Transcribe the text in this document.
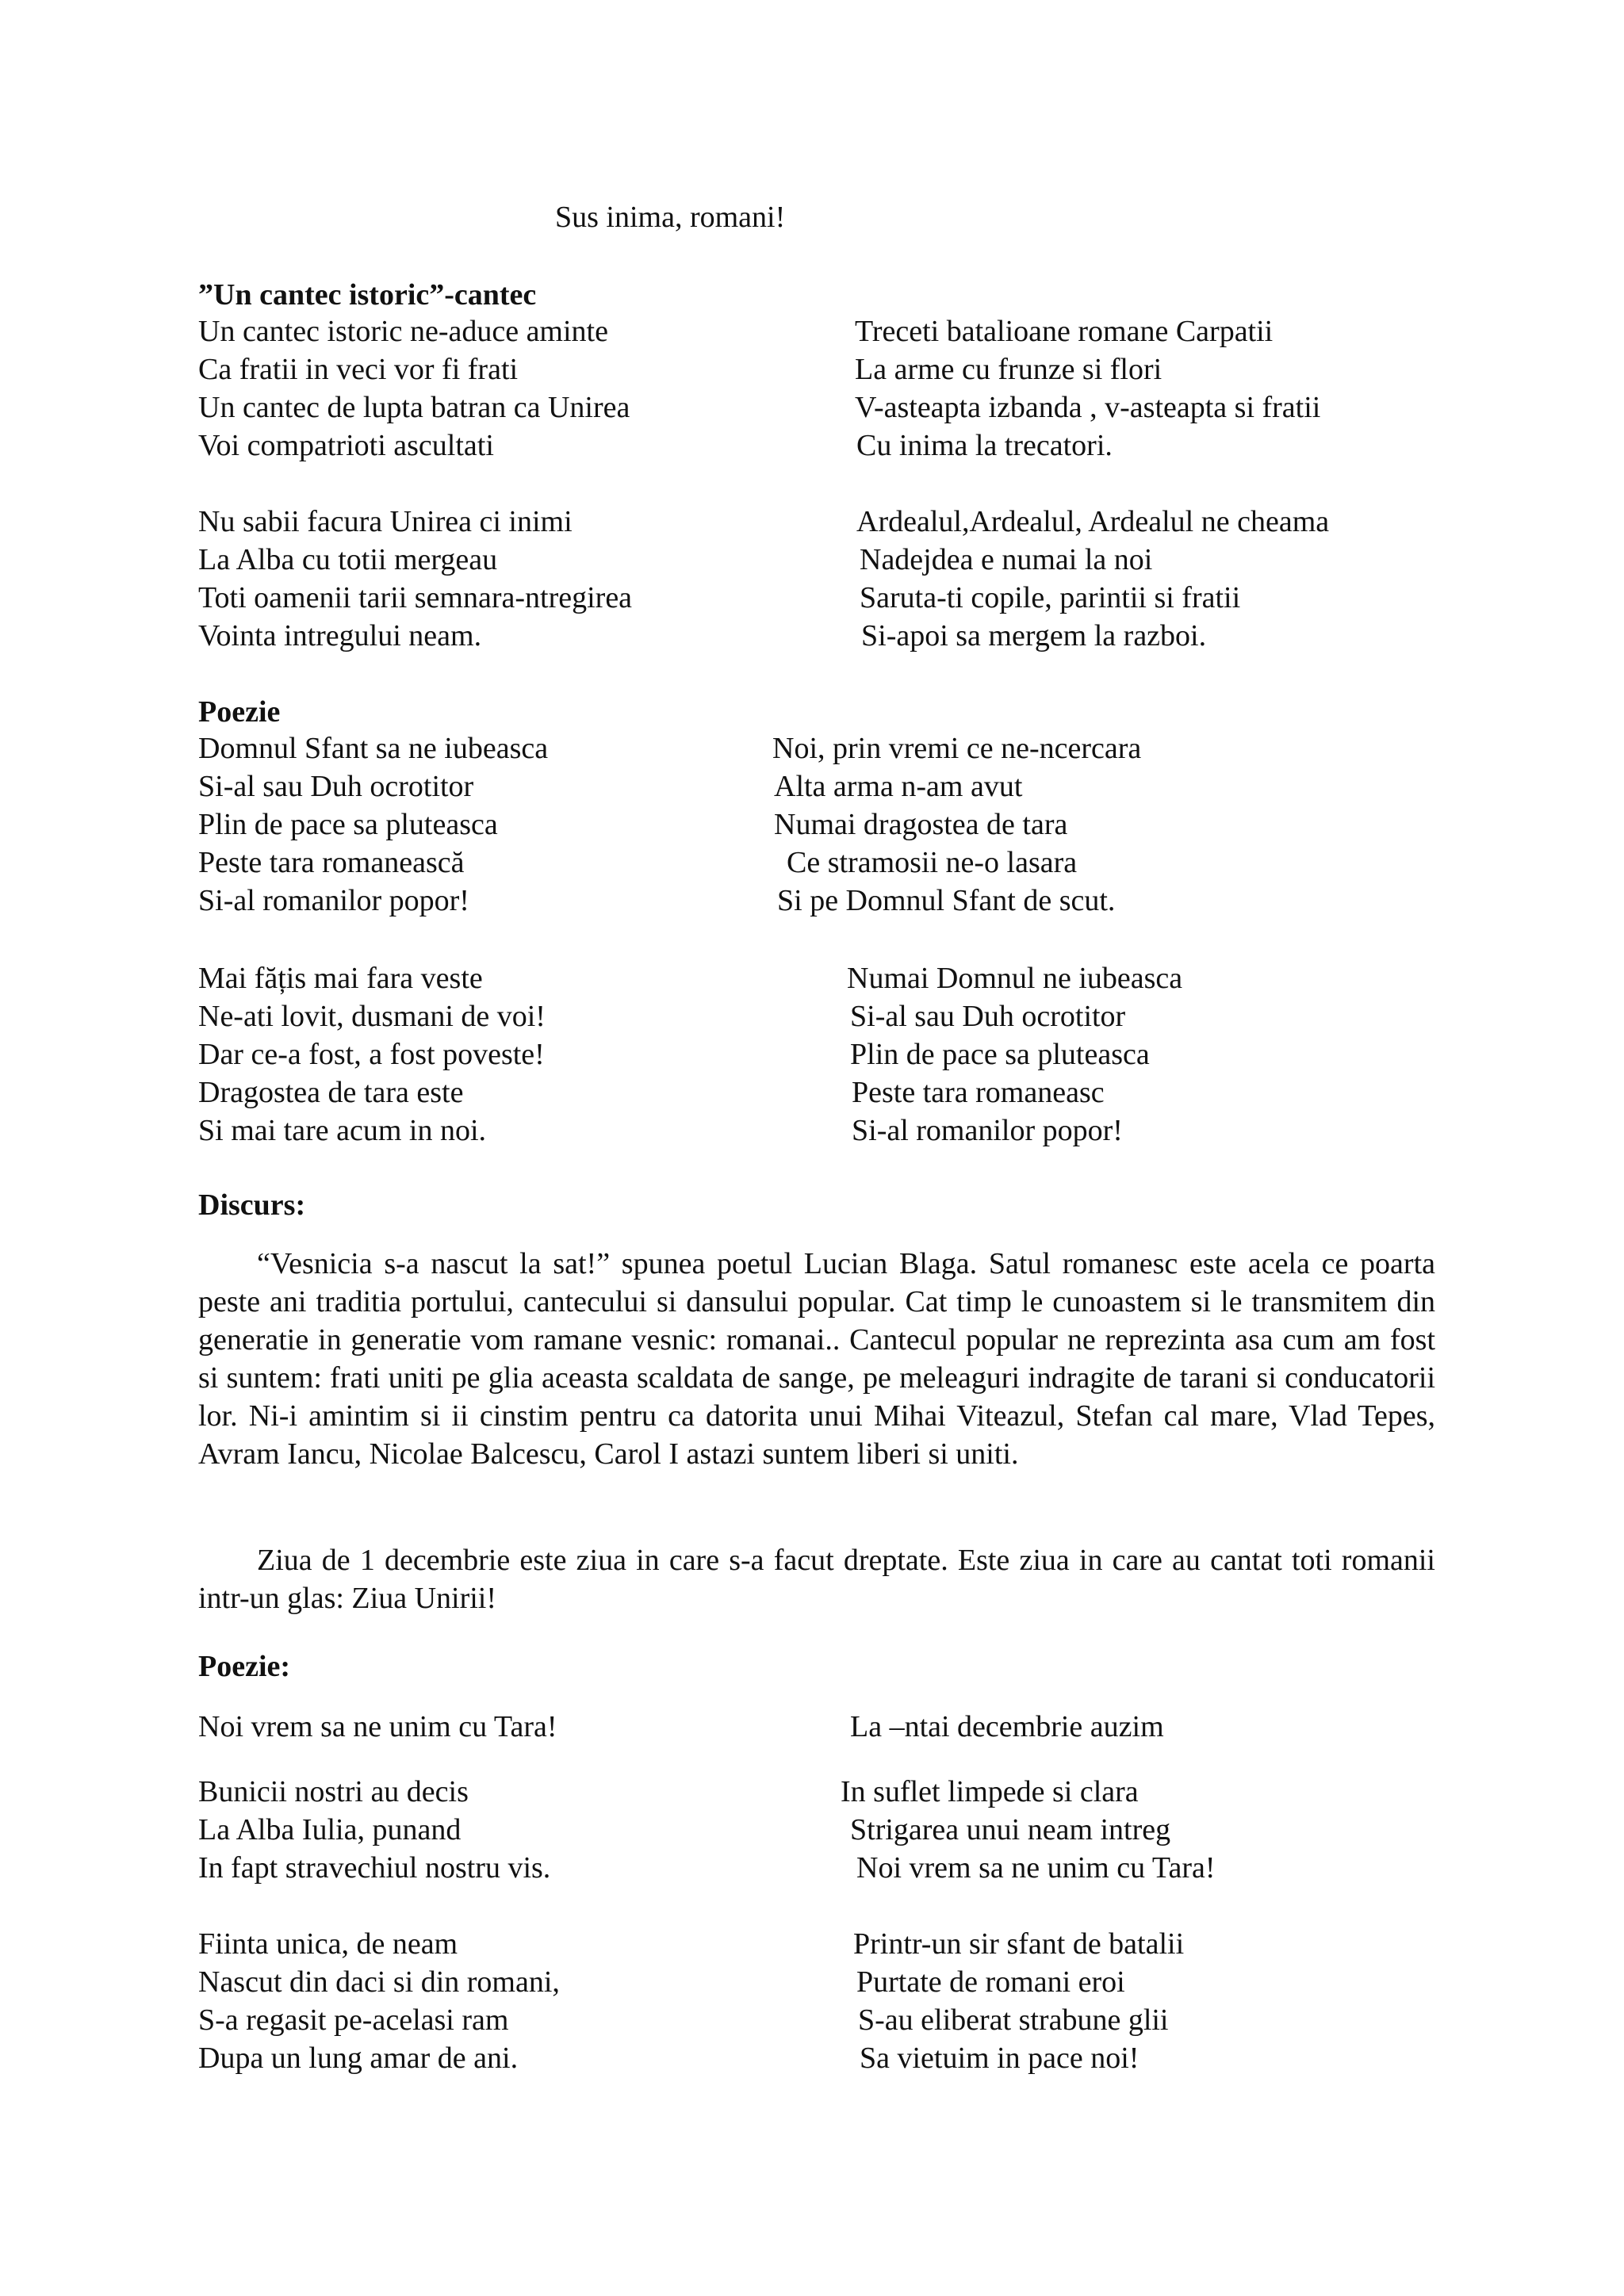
Sus inima, romani!
”Un cantec istoric”-cantec
Un cantec istoric ne-aduce aminte
Ca fratii in veci vor fi frati
Un cantec de lupta batran ca Unirea
Voi compatrioti ascultati
Treceti batalioane romane Carpatii
La arme cu frunze si flori
V-asteapta izbanda , v-asteapta si fratii
Cu inima la trecatori.
Nu sabii facura Unirea ci inimi
La Alba cu totii mergeau
Toti oamenii tarii semnara-ntregirea
Vointa intregului neam.
Ardealul,Ardealul, Ardealul ne cheama
Nadejdea e numai la noi
Saruta-ti copile, parintii si fratii
Si-apoi sa mergem la razboi.
Poezie
Domnul Sfant sa ne iubeasca
Si-al sau Duh ocrotitor
Plin de pace sa pluteasca
Peste tara romanească
Si-al romanilor popor!
Noi, prin vremi ce ne-ncercara
Alta arma n-am avut
Numai dragostea de tara
Ce stramosii ne-o lasara
Si pe Domnul Sfant de scut.
Mai fățis mai fara veste
Ne-ati lovit, dusmani de voi!
Dar ce-a fost, a fost poveste!
Dragostea de tara este
Si mai tare acum in noi.
Numai Domnul ne iubeasca
Si-al sau Duh ocrotitor
Plin de pace sa pluteasca
Peste tara romaneasc
Si-al romanilor popor!
Discurs:
“Vesnicia s-a nascut la sat!” spunea poetul Lucian Blaga. Satul romanesc este acela ce poarta peste ani traditia portului, cantecului si dansului popular. Cat timp le cunoastem si le transmitem din generatie in generatie vom ramane vesnic: romanai.. Cantecul popular ne reprezinta asa cum am fost si suntem: frati uniti pe glia aceasta scaldata de sange, pe meleaguri indragite de tarani si conducatorii lor. Ni-i amintim si ii cinstim pentru ca datorita unui Mihai Viteazul, Stefan cal mare, Vlad Tepes, Avram Iancu, Nicolae Balcescu, Carol I astazi suntem liberi si uniti.
Ziua de 1 decembrie este ziua in care s-a facut dreptate. Este ziua in care au cantat toti romanii intr-un glas: Ziua Unirii!
Poezie:
Noi vrem sa ne unim cu Tara!	La –ntai decembrie auzim
Bunicii nostri au decis
La Alba Iulia, punand
In fapt stravechiul nostru vis.
In suflet limpede si clara
Strigarea unui neam intreg
Noi vrem sa ne unim cu Tara!
Fiinta unica, de neam
Nascut din daci si din romani,
S-a regasit pe-acelasi ram
Dupa un lung amar de ani.
Printr-un sir sfant de batalii
Purtate de romani eroi
S-au eliberat strabune glii
Sa vietuim in pace noi!
